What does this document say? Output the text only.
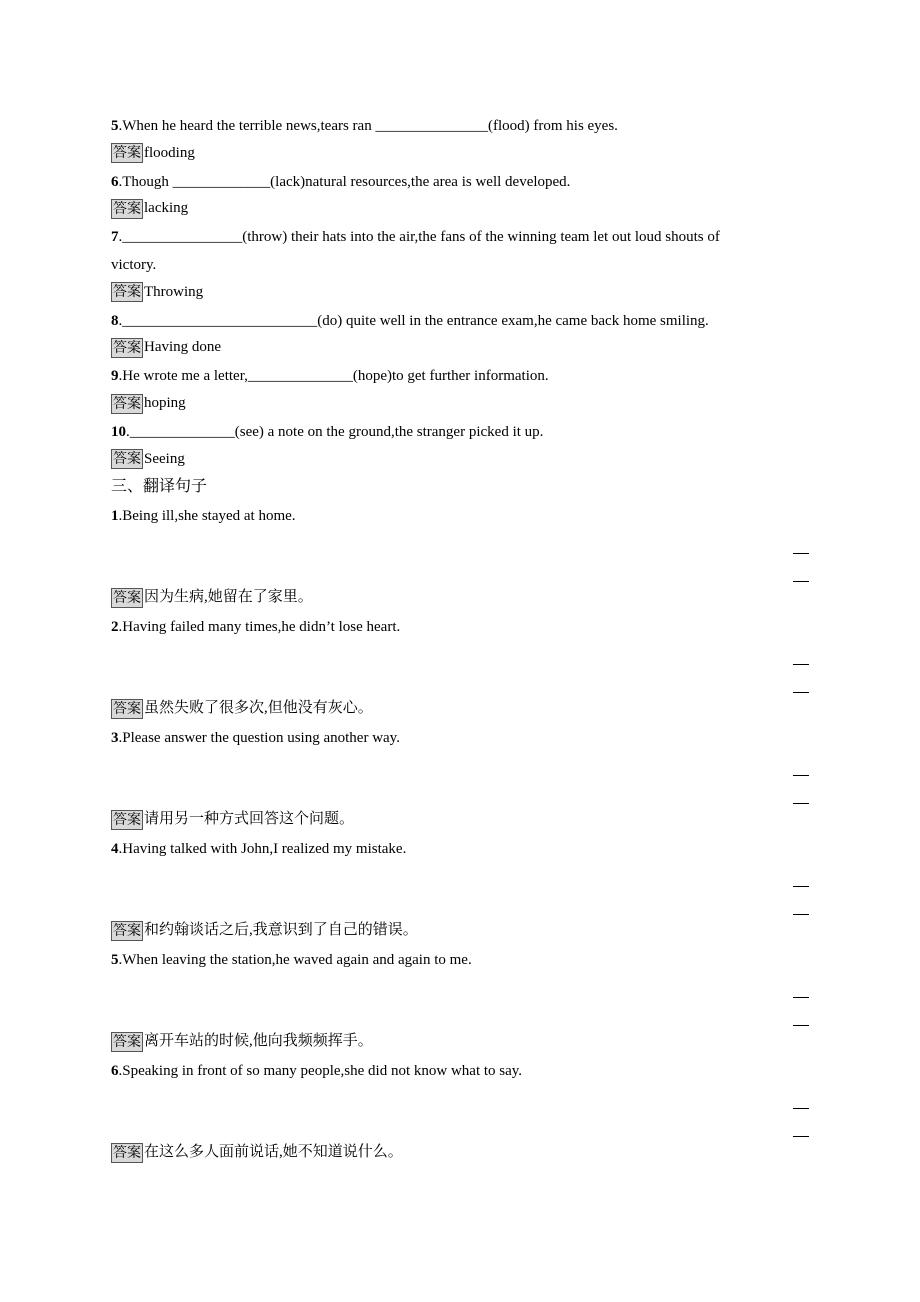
5.When he heard the terrible news,tears ran _______________(flood) from his eyes.
答案 flooding
6.Though _____________(lack)natural resources,the area is well developed.
答案 lacking
7.________________(throw) their hats into the air,the fans of the winning team let out loud shouts of
victory.
答案 Throwing
8.__________________________(do) quite well in the entrance exam,he came back home smiling.
答案 Having done
9.He wrote me a letter,______________(hope)to get further information.
答案 hoping
10.______________(see) a note on the ground,the stranger picked it up.
答案 Seeing
三、翻译句子
1.Being ill,she stayed at home.
答案 因为生病,她留在了家里。
2.Having failed many times,he didn’t lose heart.
答案 虽然失败了很多次,但他没有灰心。
3.Please answer the question using another way.
答案 请用另一种方式回答这个问题。
4.Having talked with John,I realized my mistake.
答案 和约翰谈话之后,我意识到了自己的错误。
5.When leaving the station,he waved again and again to me.
答案 离开车站的时候,他向我频频挥手。
6.Speaking in front of so many people,she did not know what to say.
答案 在这么多人面前说话,她不知道说什么。
